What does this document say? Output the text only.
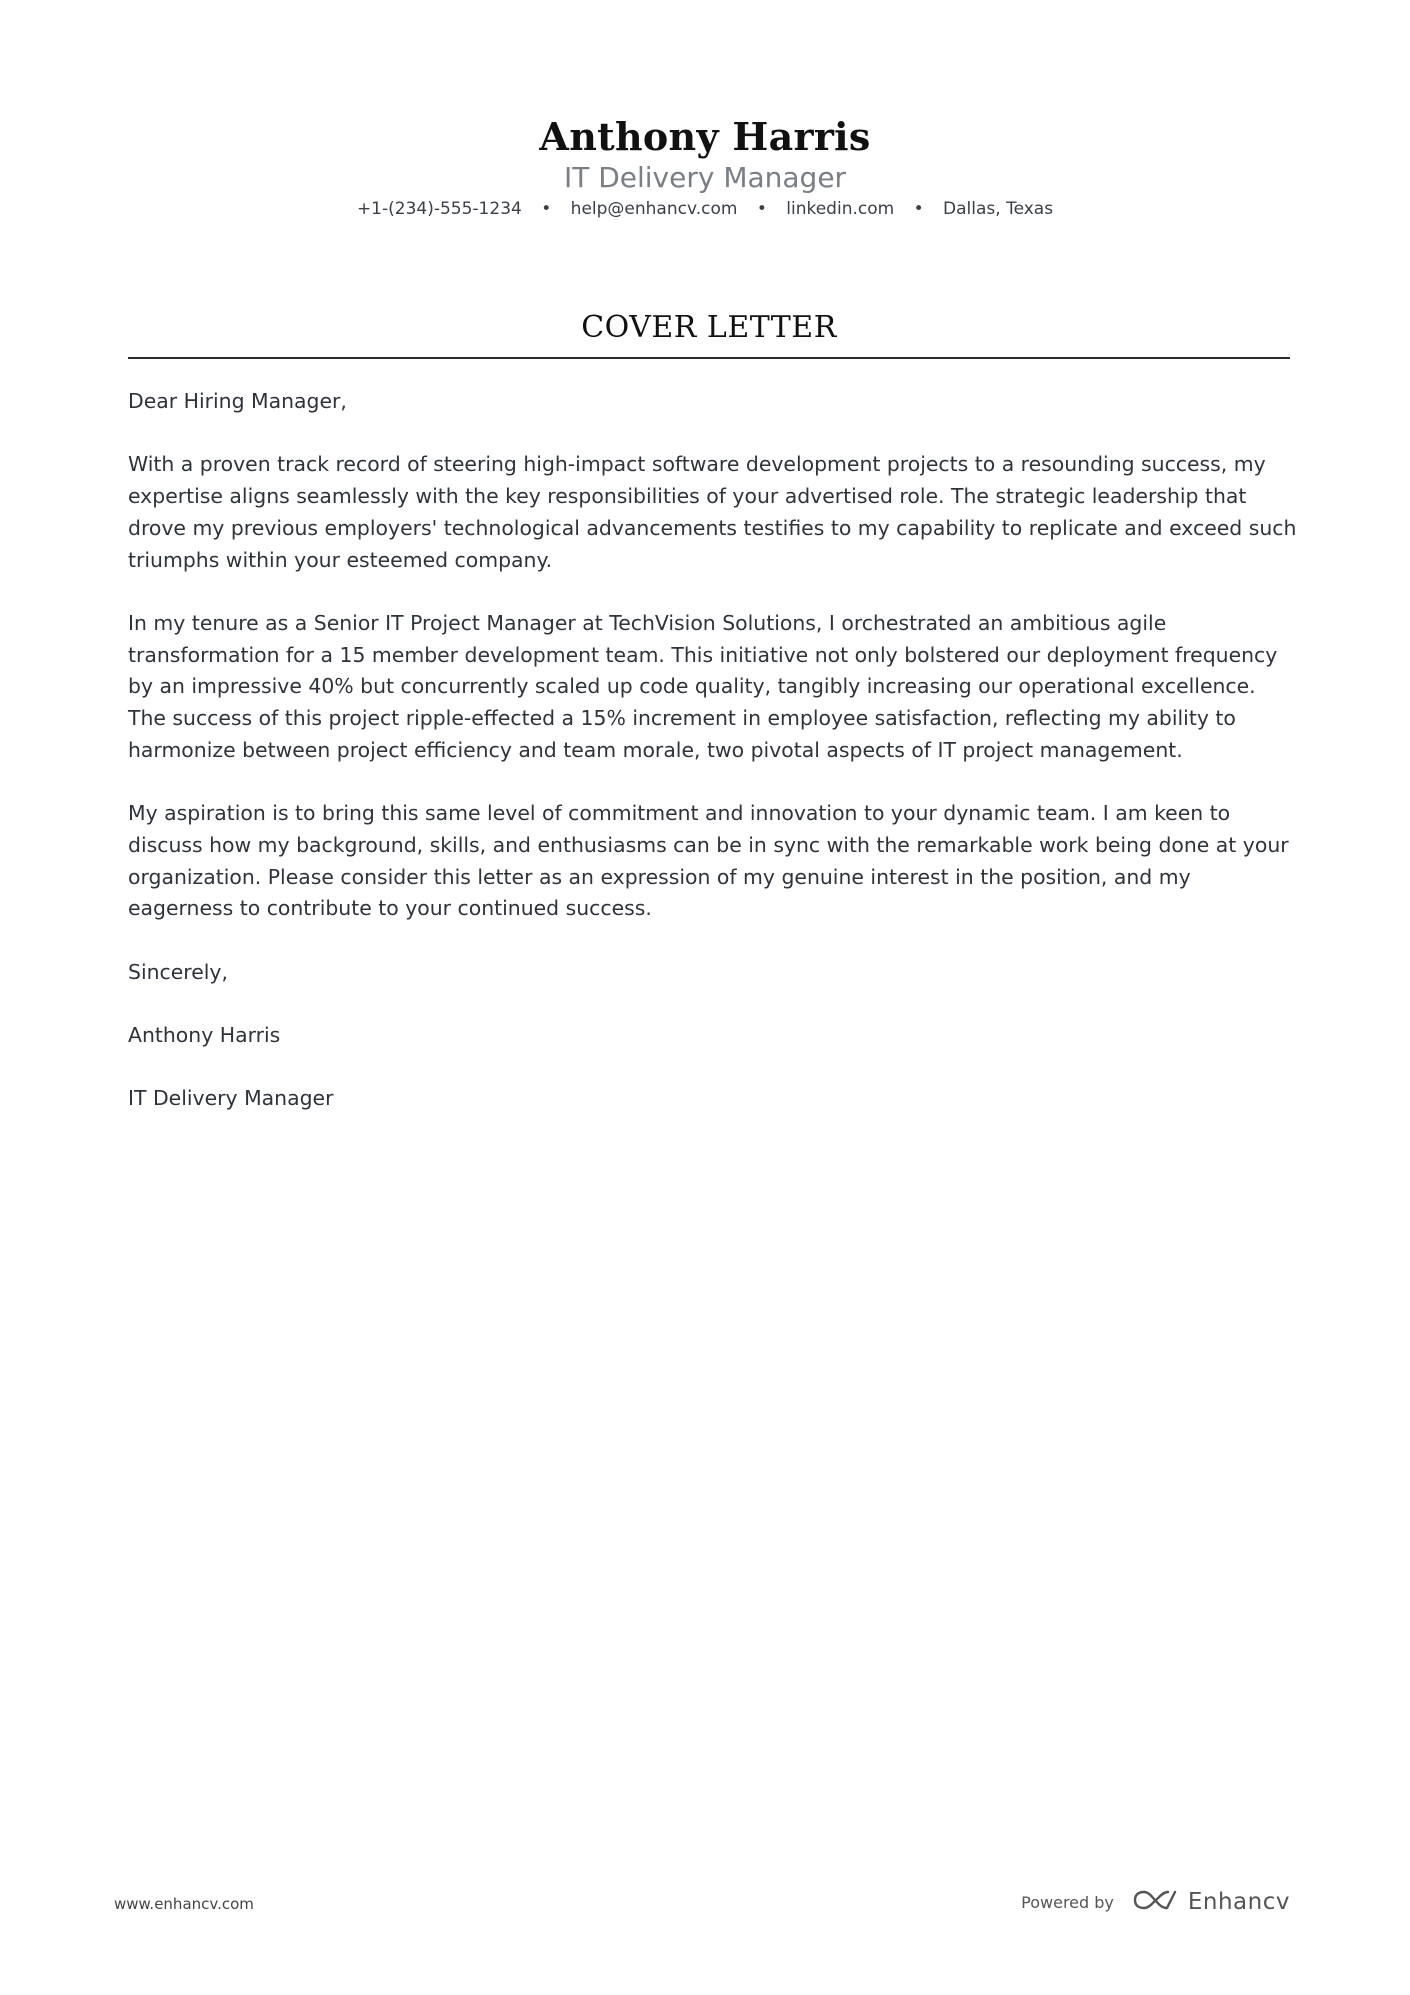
Anthony Harris
IT Delivery Manager
+1-(234)-555-1234 • help@enhancv.com • linkedin.com • Dallas, Texas
COVER LETTER

Dear Hiring Manager,

With a proven track record of steering high-impact software development projects to a resounding success, my expertise aligns seamlessly with the key responsibilities of your advertised role. The strategic leadership that drove my previous employers' technological advancements testifies to my capability to replicate and exceed such triumphs within your esteemed company.

In my tenure as a Senior IT Project Manager at TechVision Solutions, I orchestrated an ambitious agile transformation for a 15 member development team. This initiative not only bolstered our deployment frequency by an impressive 40% but concurrently scaled up code quality, tangibly increasing our operational excellence. The success of this project ripple-effected a 15% increment in employee satisfaction, reflecting my ability to harmonize between project efficiency and team morale, two pivotal aspects of IT project management.

My aspiration is to bring this same level of commitment and innovation to your dynamic team. I am keen to discuss how my background, skills, and enthusiasms can be in sync with the remarkable work being done at your organization. Please consider this letter as an expression of my genuine interest in the position, and my eagerness to contribute to your continued success.

Sincerely,

Anthony Harris

IT Delivery Manager

www.enhancv.com	Powered by	Enhancv
